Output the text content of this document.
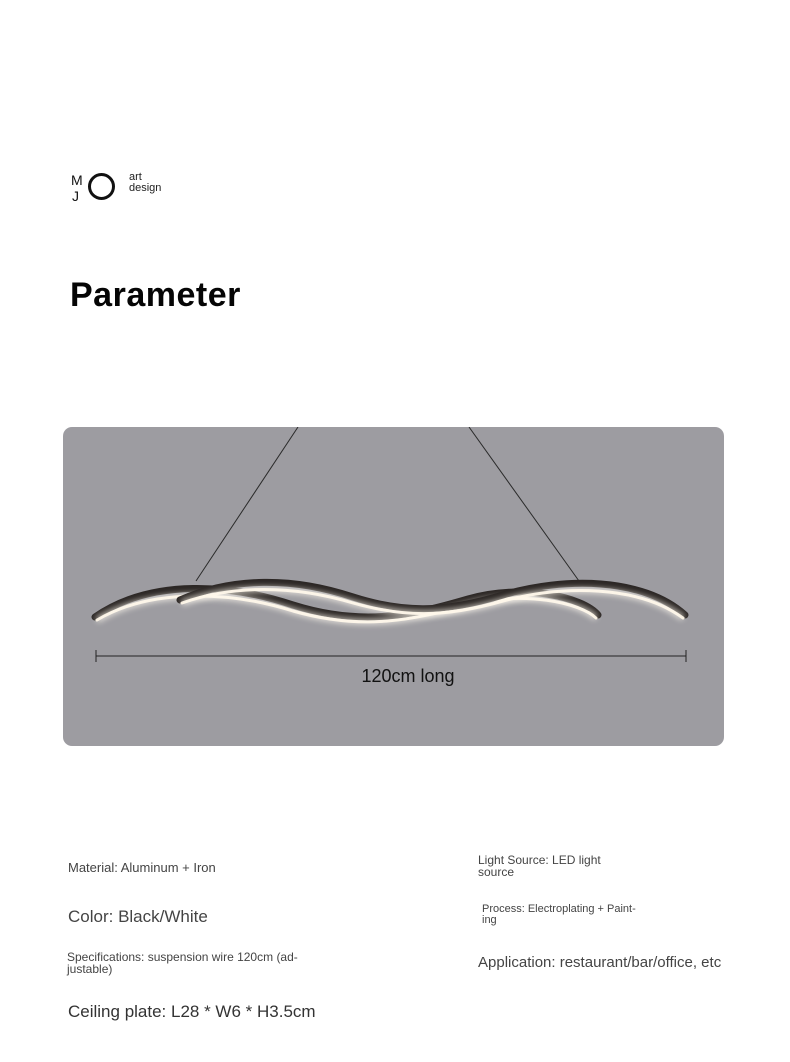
M
J
art
design
Parameter
120cm long
Material: Aluminum + Iron
Color: Black/White
Specifications: suspension wire 120cm (ad-justable)
Ceiling plate: L28 * W6 * H3.5cm
Light Source: LED light source
Process: Electroplating + Paint-ing
Application: restaurant/bar/office, etc
